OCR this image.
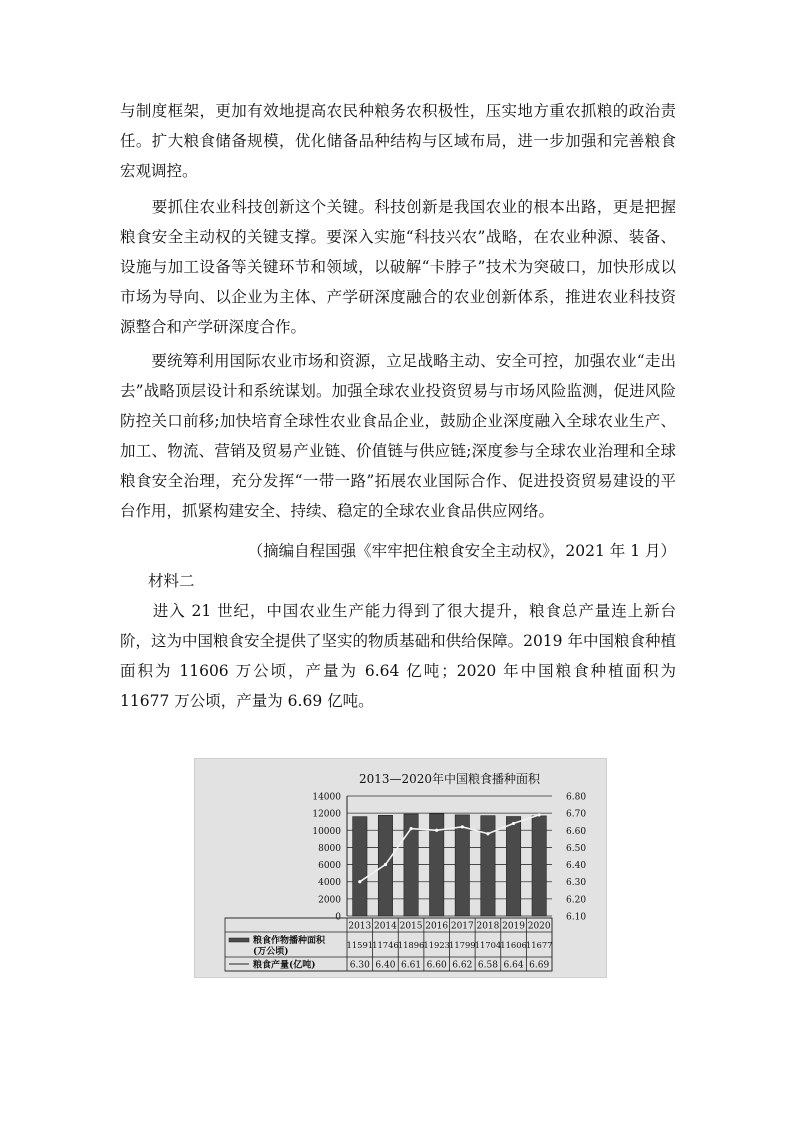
与制度框架，更加有效地提高农民种粮务农积极性，压实地方重农抓粮的政治责任。扩大粮食储备规模，优化储备品种结构与区域布局，进一步加强和完善粮食宏观调控。

　　要抓住农业科技创新这个关键。科技创新是我国农业的根本出路，更是把握粮食安全主动权的关键支撑。要深入实施“科技兴农”战略，在农业种源、装备、设施与加工设备等关键环节和领域，以破解“卡脖子”技术为突破口，加快形成以市场为导向、以企业为主体、产学研深度融合的农业创新体系，推进农业科技资源整合和产学研深度合作。

　　要统筹利用国际农业市场和资源，立足战略主动、安全可控，加强农业“走出去”战略顶层设计和系统谋划。加强全球农业投资贸易与市场风险监测，促进风险防控关口前移;加快培育全球性农业食品企业，鼓励企业深度融入全球农业生产、加工、物流、营销及贸易产业链、价值链与供应链;深度参与全球农业治理和全球粮食安全治理，充分发挥“一带一路”拓展农业国际合作、促进投资贸易建设的平台作用，抓紧构建安全、持续、稳定的全球农业食品供应网络。

（摘编自程国强《牢牢把住粮食安全主动权》，2021 年 1 月）
材料二

　　进入 21 世纪，中国农业生产能力得到了很大提升，粮食总产量连上新台阶，这为中国粮食安全提供了坚实的物质基础和供给保障。2019 年中国粮食种植面积为 11606 万公顷，产量为 6.64 亿吨；2020 年中国粮食种植面积为 11677 万公顷，产量为 6.69 亿吨。

2013—2020年中国粮食播种面积
14000
12000
10000
8000
6000
4000
2000
0
6.80
6.70
6.60
6.50
6.40
6.30
6.20
6.10
2013 2014 2015 2016 2017 2018 2019 2020
11591
11746
11896
11923
11799
11704
11606
11677
6.30 6.40 6.61 6.60 6.62 6.58 6.64 6.69
粮食作物播种面积
(万公顷)
粮食产量(亿吨)
